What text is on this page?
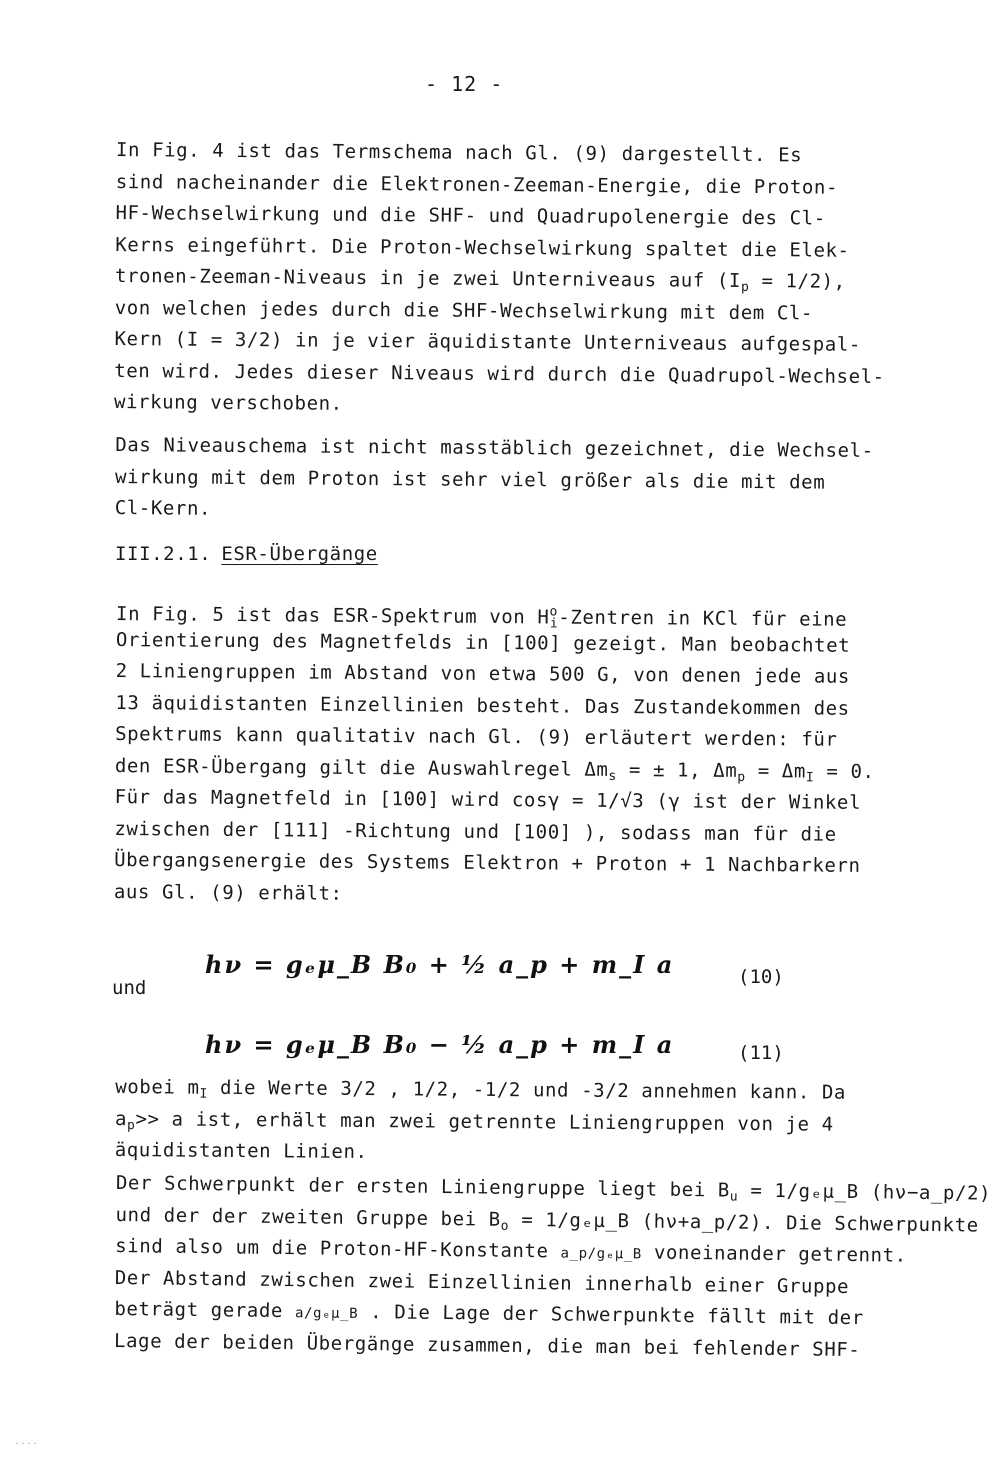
- 12 -
In Fig. 4 ist das Termschema nach Gl. (9) dargestellt. Es
sind nacheinander die Elektronen-Zeeman-Energie, die Proton-
HF-Wechselwirkung und die SHF- und Quadrupolenergie des Cl-
Kerns eingeführt. Die Proton-Wechselwirkung spaltet die Elek-
tronen-Zeeman-Niveaus in je zwei Unterniveaus auf $(I_p = 1/2)$,
von welchen jedes durch die SHF-Wechselwirkung mit dem Cl-
Kern (I = 3/2) in je vier äquidistante Unterniveaus aufgespal-
ten wird. Jedes dieser Niveaus wird durch die Quadrupol-Wechsel-
wirkung verschoben.
Das Niveauschema ist nicht masstäblich gezeichnet, die Wechsel-
wirkung mit dem Proton ist sehr viel größer als die mit dem
Cl-Kern.
III.2.1. ESR-Übergänge
In Fig. 5 ist das ESR-Spektrum von $H^o_i$-Zentren in KCl für eine
Orientierung des Magnetfelds in [100] gezeigt. Man beobachtet
2 Liniengruppen im Abstand von etwa 500 G, von denen jede aus
13 äquidistanten Einzellinien besteht. Das Zustandekommen des
Spektrums kann qualitativ nach Gl. (9) erläutert werden: für
den ESR-Übergang gilt die Auswahlregel $\Delta m_s$ = ± 1, $\Delta m_p = \Delta m_I = 0$.
Für das Magnetfeld in [100] wird cosγ = 1/√3 (γ ist der Winkel
zwischen der [111] -Richtung und [100] ), sodass man für die
Übergangsenergie des Systems Elektron + Proton + 1 Nachbarkern
aus Gl. (9) erhält:
und
hν = gₑμ_B B₀ + ½ a_p + m_I a	(10)
hν = gₑμ_B B₀ − ½ a_p + m_I a	(11)
wobei $m_I$ die Werte 3/2 , 1/2, -1/2 und -3/2 annehmen kann. Da
$a_p>> a$ ist, erhält man zwei getrennte Liniengruppen von je 4
äquidistanten Linien.
Der Schwerpunkt der ersten Liniengruppe liegt bei $B_u$ = 1/gₑμ_B (hν−a_p/2)
und der der zweiten Gruppe bei $B_o$ = 1/gₑμ_B (hν+a_p/2). Die Schwerpunkte
sind also um die Proton-HF-Konstante a_p/gₑμ_B voneinander getrennt.
Der Abstand zwischen zwei Einzellinien innerhalb einer Gruppe
beträgt gerade a/gₑμ_B . Die Lage der Schwerpunkte fällt mit der
Lage der beiden Übergänge zusammen, die man bei fehlender SHF-
۰۰۰۰
